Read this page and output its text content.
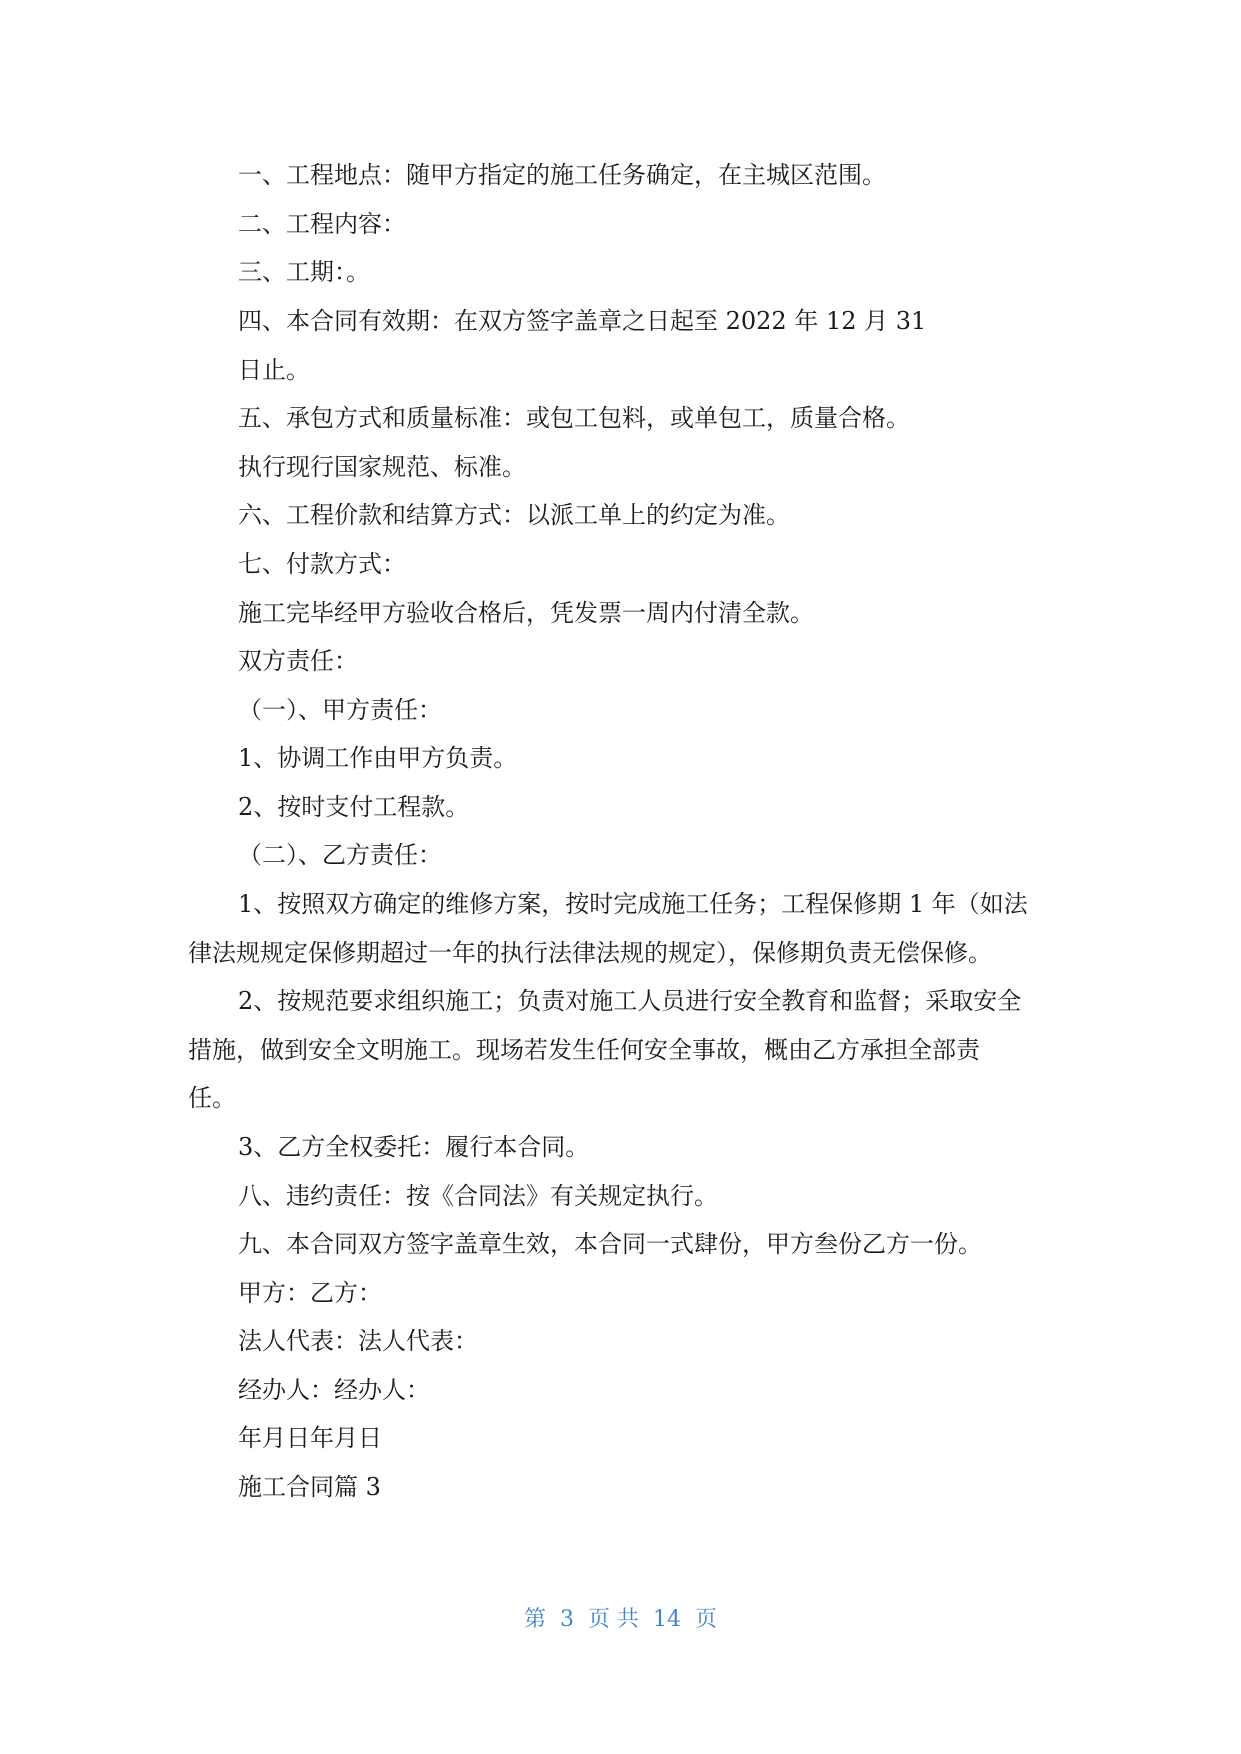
一、工程地点：随甲方指定的施工任务确定，在主城区范围。
二、工程内容：
三、工期：。
四、本合同有效期：在双方签字盖章之日起至 2022 年 12 月 31
日止。
五、承包方式和质量标准：或包工包料，或单包工，质量合格。
执行现行国家规范、标准。
六、工程价款和结算方式：以派工单上的约定为准。
七、付款方式：
施工完毕经甲方验收合格后，凭发票一周内付清全款。
双方责任：
（一）、甲方责任：
1、协调工作由甲方负责。
2、按时支付工程款。
（二）、乙方责任：
1、按照双方确定的维修方案，按时完成施工任务；工程保修期 1 年（如法
律法规规定保修期超过一年的执行法律法规的规定），保修期负责无偿保修。
2、按规范要求组织施工；负责对施工人员进行安全教育和监督；采取安全
措施，做到安全文明施工。现场若发生任何安全事故，概由乙方承担全部责
任。
3、乙方全权委托：履行本合同。
八、违约责任：按《合同法》有关规定执行。
九、本合同双方签字盖章生效，本合同一式肆份，甲方叁份乙方一份。
甲方：乙方：
法人代表：法人代表：
经办人：经办人：
年月日年月日
施工合同篇 3
第  3  页 共  14  页
